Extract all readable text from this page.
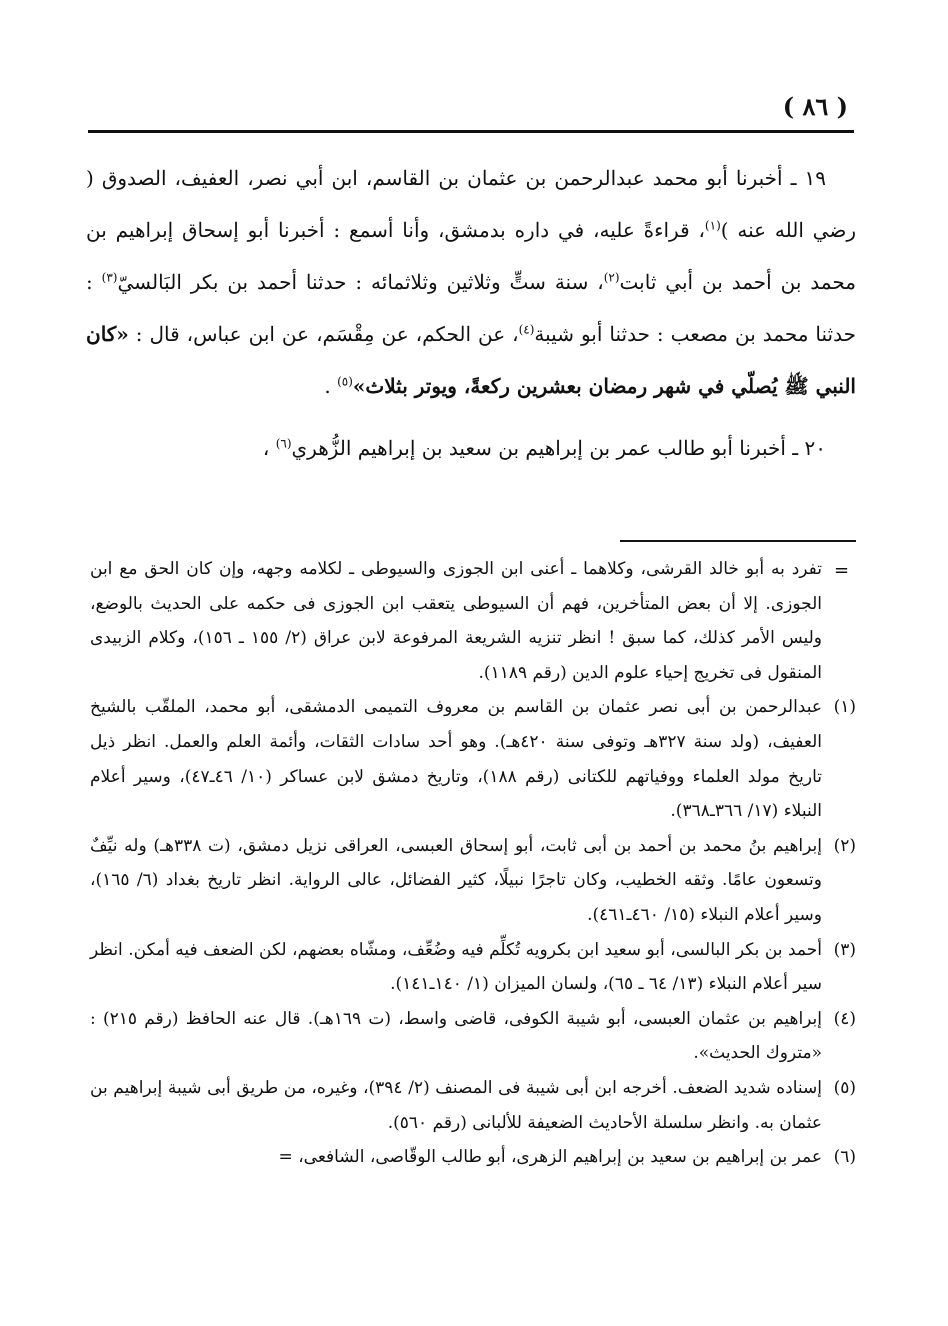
( ٨٦ )

١٩ ـ أخبرنا أبو محمد عبدالرحمن بن عثمان بن القاسم، ابن أبي نصر، العفيف، الصدوق ( رضي الله عنه )$^{(١)}$، قراءةً عليه، في داره بدمشق، وأنا أسمع : أخبرنا أبو إسحاق إبراهيم بن محمد بن أحمد بن أبي ثابت$^{(٢)}$، سنة ستٍّ وثلاثين وثلاثمائه : حدثنا أحمد بن بكر البَالسيّ$^{(٣)}$ : حدثنا محمد بن مصعب : حدثنا أبو شيبة$^{(٤)}$، عن الحكم، عن مِقْسَم، عن ابن عباس، قال : «كان النبي ﷺ يُصلّي في شهر رمضان بعشرين ركعةً، ويوتر بثلاث»$^{(٥)}$ .

٢٠ ـ أخبرنا أبو طالب عمر بن إبراهيم بن سعيد بن إبراهيم الزُّهري$^{(٦)}$ ،

=

تفرد به أبو خالد القرشى، وكلاهما ـ أعنى ابن الجوزى والسيوطى ـ لكلامه وجهه، وإن كان الحق مع ابن الجوزى. إلا أن بعض المتأخرين، فهم أن السيوطى يتعقب ابن الجوزى فى حكمه على الحديث بالوضع، وليس الأمر كذلك، كما سبق ! انظر تنزيه الشريعة المرفوعة لابن عراق (٢/ ١٥٥ ـ ١٥٦)، وكلام الزبيدى المنقول فى تخريج إحياء علوم الدين (رقم ١١٨٩).

(١)
عبدالرحمن بن أبى نصر عثمان بن القاسم بن معروف التميمى الدمشقى، أبو محمد، الملقّب بالشيخ العفيف، (ولد سنة ٣٢٧هـ وتوفى سنة ٤٢٠هـ). وهو أحد سادات الثقات، وأئمة العلم والعمل. انظر ذيل تاريخ مولد العلماء ووفياتهم للكتانى (رقم ١٨٨)، وتاريخ دمشق لابن عساكر (١٠/ ٤٦ـ٤٧)، وسير أعلام النبلاء (١٧/ ٣٦٦ـ٣٦٨).

(٢)
إبراهيم بنُ محمد بن أحمد بن أبى ثابت، أبو إسحاق العبسى، العراقى نزيل دمشق، (ت ٣٣٨هـ) وله نيِّفٌ وتسعون عامًا. وثقه الخطيب، وكان تاجرًا نبيلًا، كثير الفضائل، عالى الرواية. انظر تاريخ بغداد (٦/ ١٦٥)، وسير أعلام النبلاء (١٥/ ٤٦٠ـ٤٦١).

(٣)
أحمد بن بكر البالسى، أبو سعيد ابن بكرويه تُكلِّم فيه وضُعِّف، ومشّاه بعضهم، لكن الضعف فيه أمكن. انظر سير أعلام النبلاء (١٣/ ٦٤ ـ ٦٥)، ولسان الميزان (١/ ١٤٠ـ١٤١).

(٤)
إبراهيم بن عثمان العبسى، أبو شيبة الكوفى، قاضى واسط، (ت ١٦٩هـ). قال عنه الحافظ (رقم ٢١٥) : «متروك الحديث».

(٥)
إسناده شديد الضعف. أخرجه ابن أبى شيبة فى المصنف (٢/ ٣٩٤)، وغيره، من طريق أبى شيبة إبراهيم بن عثمان به. وانظر سلسلة الأحاديث الضعيفة للألبانى (رقم ٥٦٠).

(٦)
عمر بن إبراهيم بن سعيد بن إبراهيم الزهرى، أبو طالب الوقّاصى، الشافعى، =
